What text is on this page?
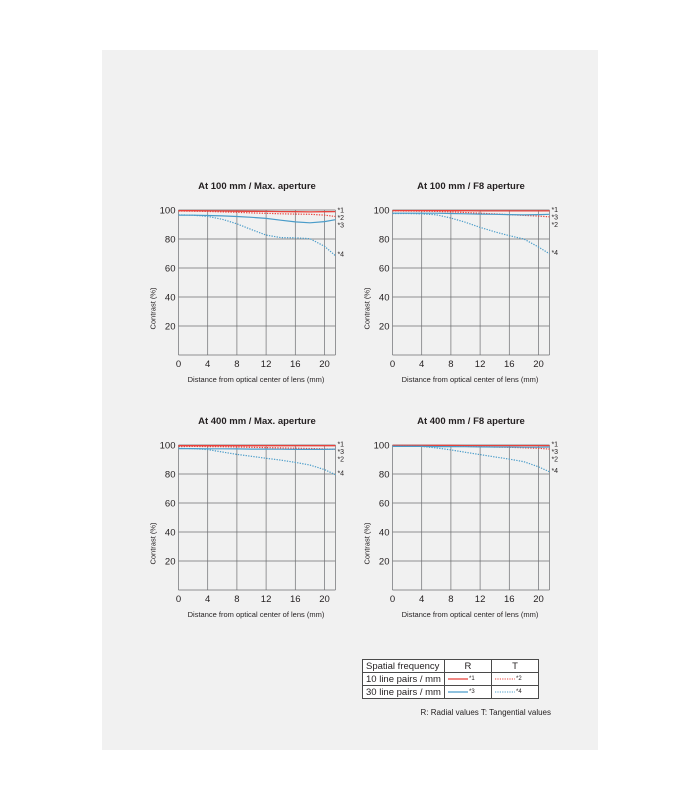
At 100 mm / Max. aperture
20
40
60
80
100
0	4	8 12 16 20
Distance from optical center of lens (mm)
Contrast (%)
*1
*2
*3
*4
At 100 mm / F8 aperture
20
40
60
80
100
0	4	8 12 16 20
Distance from optical center of lens (mm)
Contrast (%)
*1
*3
*2
*4
At 400 mm / Max. aperture
20
40
60
80
100
0	4	8 12 16 20
Distance from optical center of lens (mm)
Contrast (%)
*1
*3
*2
*4
At 400 mm / F8 aperture
20
40
60
80
100
0	4	8 12 16 20
Distance from optical center of lens (mm)
Contrast (%)
*1
*3
*2
*4
Spatial frequency	R	T
10 line pairs / mm	*1	*2
30 line pairs / mm	*3	*4
R: Radial values T: Tangential values
